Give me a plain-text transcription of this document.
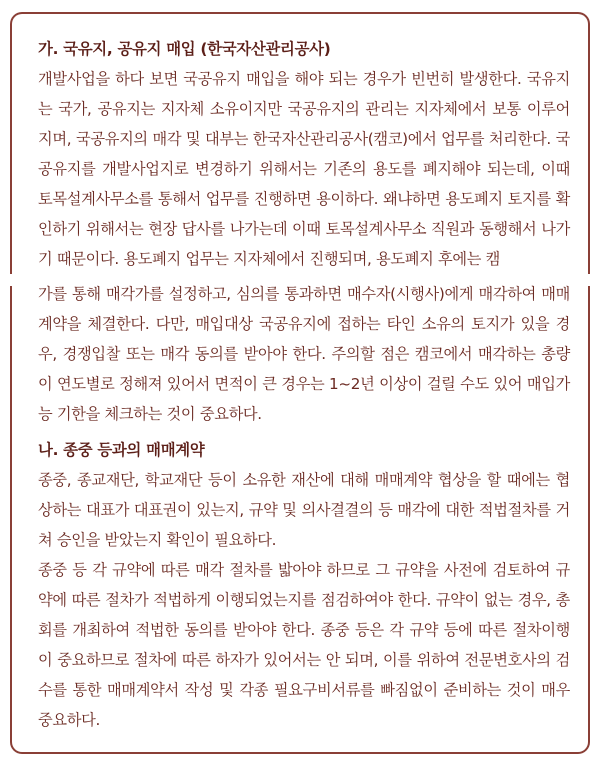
가. 국유지, 공유지 매입 (한국자산관리공사)

개발사업을 하다 보면 국공유지 매입을 해야 되는 경우가 빈번히 발생한다. 국유지는 국가, 공유지는 지자체 소유이지만 국공유지의 관리는 지자체에서 보통 이루어지며, 국공유지의 매각 및 대부는 한국자산관리공사(캠코)에서 업무를 처리한다. 국공유지를 개발사업지로 변경하기 위해서는 기존의 용도를 폐지해야 되는데, 이때 토목설계사무소를 통해서 업무를 진행하면 용이하다. 왜냐하면 용도폐지 토지를 확인하기 위해서는 현장 답사를 나가는데 이때 토목설계사무소 직원과 동행해서 나가기 때문이다. 용도폐지 업무는 지자체에서 진행되며, 용도폐지 후에는 캠

가를 통해 매각가를 설정하고, 심의를 통과하면 매수자(시행사)에게 매각하여 매매계약을 체결한다. 다만, 매입대상 국공유지에 접하는 타인 소유의 토지가 있을 경우, 경쟁입찰 또는 매각 동의를 받아야 한다. 주의할 점은 캠코에서 매각하는 총량이 연도별로 정해져 있어서 면적이 큰 경우는 1~2년 이상이 걸릴 수도 있어 매입가능 기한을 체크하는 것이 중요하다.

나. 종중 등과의 매매계약

종중, 종교재단, 학교재단 등이 소유한 재산에 대해 매매계약 협상을 할 때에는 협상하는 대표가 대표권이 있는지, 규약 및 의사결결의 등 매각에 대한 적법절차를 거쳐 승인을 받았는지 확인이 필요하다.

종중 등 각 규약에 따른 매각 절차를 밟아야 하므로 그 규약을 사전에 검토하여 규약에 따른 절차가 적법하게 이행되었는지를 점검하여야 한다. 규약이 없는 경우, 총회를 개최하여 적법한 동의를 받아야 한다. 종중 등은 각 규약 등에 따른 절차이행이 중요하므로 절차에 따른 하자가 있어서는 안 되며, 이를 위하여 전문변호사의 검수를 통한 매매계약서 작성 및 각종 필요구비서류를 빠짐없이 준비하는 것이 매우 중요하다.
